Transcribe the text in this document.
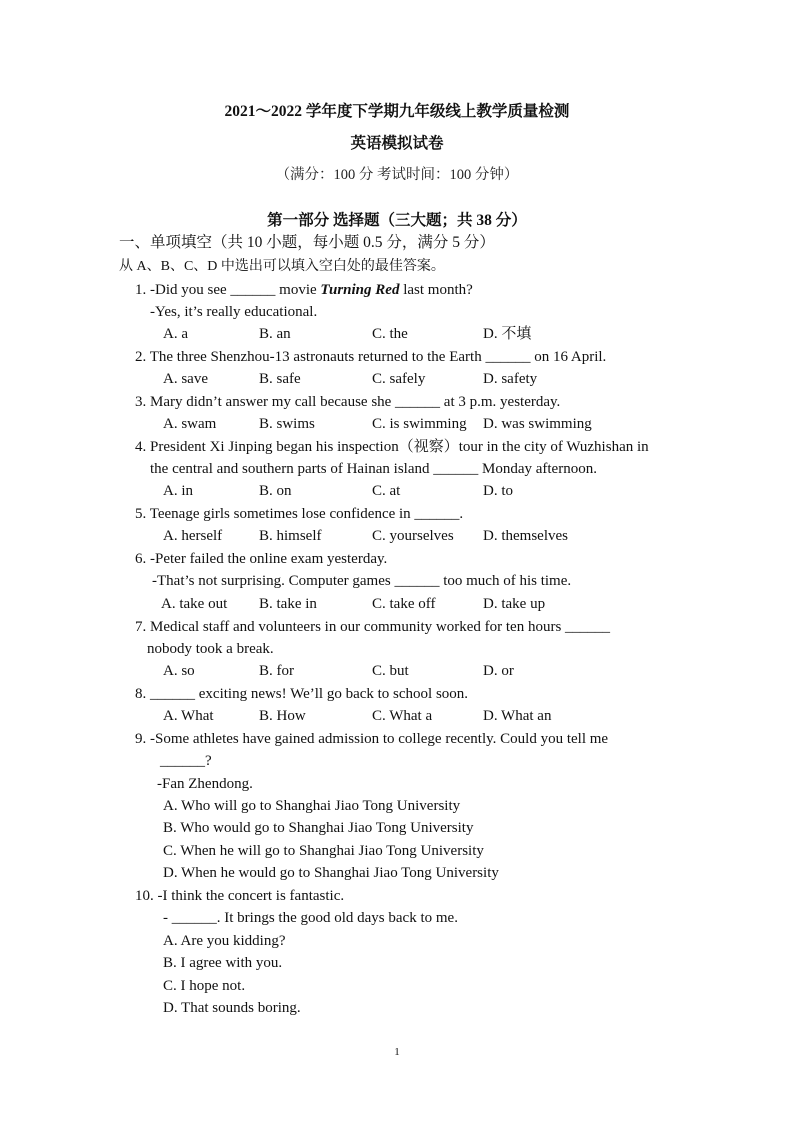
2021～2022 学年度下学期九年级线上教学质量检测
英语模拟试卷
（满分：100 分 考试时间：100 分钟）
第一部分 选择题（三大题；共 38 分）
一、单项填空（共 10 小题，每小题 0.5 分，满分 5 分）
从 A、B、C、D 中选出可以填入空白处的最佳答案。
1. -Did you see ______ movie Turning Red last month?
-Yes, it’s really educational.
A. a	B. an	C. the	D. 不填
2. The three Shenzhou-13 astronauts returned to the Earth ______ on 16 April.
A. save	B. safe	C. safely	D. safety
3. Mary didn’t answer my call because she ______ at 3 p.m. yesterday.
A. swam	B. swims	C. is swimming D. was swimming
4. President Xi Jinping began his inspection（视察）tour in the city of Wuzhishan in
the central and southern parts of Hainan island ______ Monday afternoon.
A. in	B. on	C. at	D. to
5. Teenage girls sometimes lose confidence in ______.
A. herself B. himself	C. yourselves D. themselves
6. -Peter failed the online exam yesterday.
-That’s not surprising. Computer games ______ too much of his time.
A. take out B. take in	C. take off	D. take up
7. Medical staff and volunteers in our community worked for ten hours ______
nobody took a break.
A. so	B. for	C. but	D. or
8. ______ exciting news! We’ll go back to school soon.
A. What	B. How	C. What a	D. What an
9. -Some athletes have gained admission to college recently. Could you tell me
______?
-Fan Zhendong.
A. Who will go to Shanghai Jiao Tong University
B. Who would go to Shanghai Jiao Tong University
C. When he will go to Shanghai Jiao Tong University
D. When he would go to Shanghai Jiao Tong University
10. -I think the concert is fantastic.
- ______. It brings the good old days back to me.
A. Are you kidding?
B. I agree with you.
C. I hope not.
D. That sounds boring.
1
